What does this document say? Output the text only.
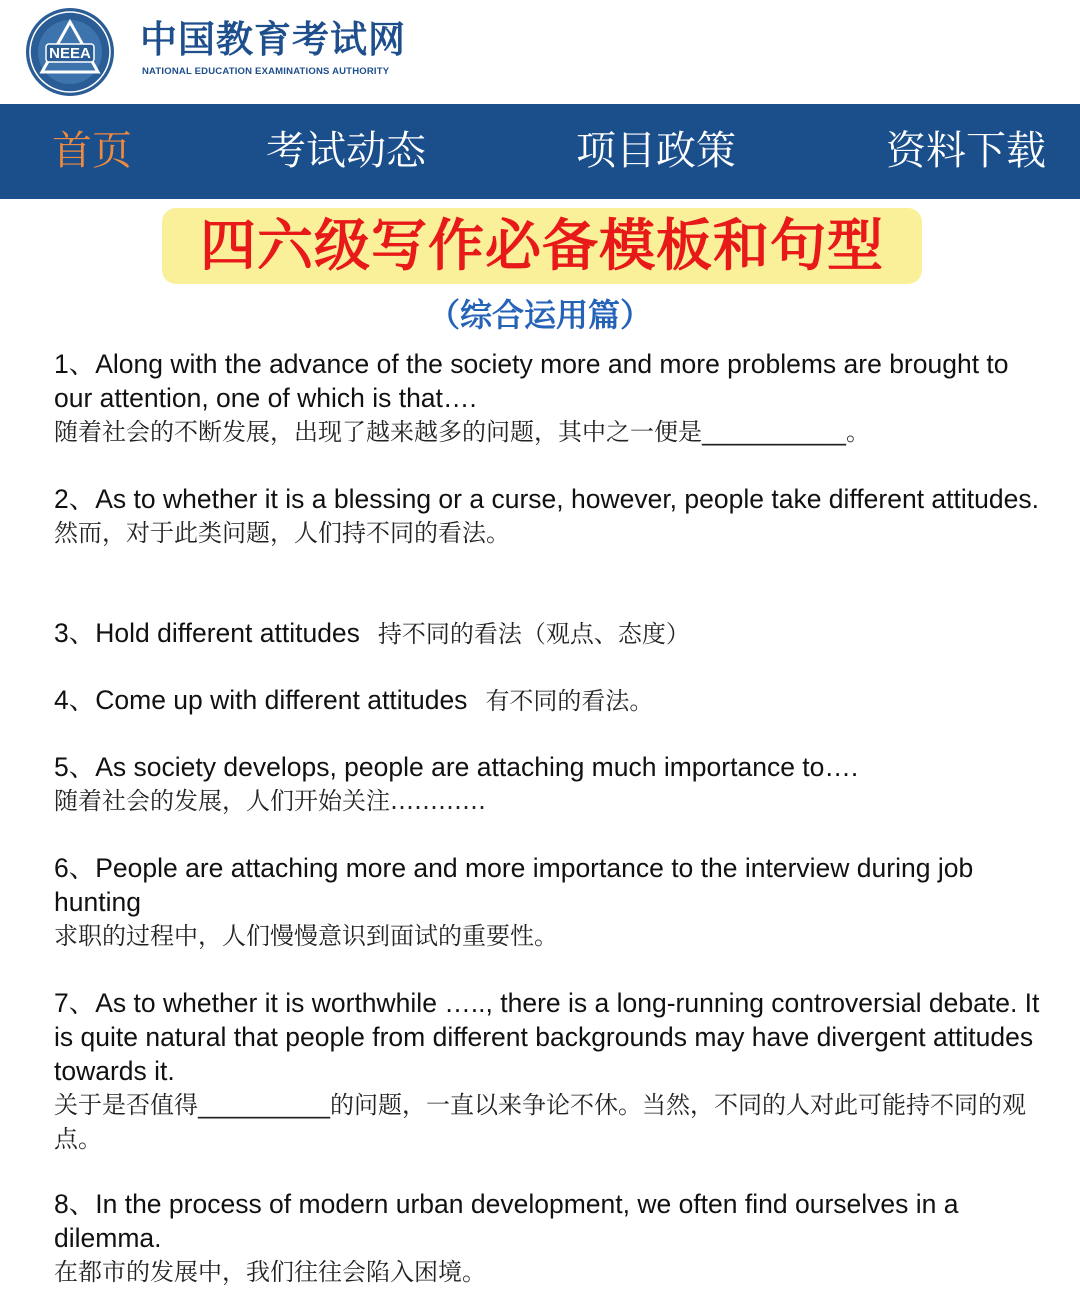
NEEA 中国教育考试网
NATIONAL EDUCATION EXAMINATIONS AUTHORITY
首页	考试动态	项目政策	资料下载
四六级写作必备模板和句型
（综合运用篇）
1、Along with the advance of the society more and more problems are brought to our attention, one of which is that….
随着社会的不断发展，出现了越来越多的问题，其中之一便是____________。
2、As to whether it is a blessing or a curse, however, people take different attitudes.
然而，对于此类问题，人们持不同的看法。
3、Hold different attitudes 持不同的看法（观点、态度）
4、Come up with different attitudes 有不同的看法。
5、As society develops, people are attaching much importance to….
随着社会的发展，人们开始关注…………
6、People are attaching more and more importance to the interview during job hunting
求职的过程中，人们慢慢意识到面试的重要性。
7、As to whether it is worthwhile ….., there is a long-running controversial debate. It is quite natural that people from different backgrounds may have divergent attitudes towards it.
关于是否值得___________的问题，一直以来争论不休。当然，不同的人对此可能持不同的观点。
8、In the process of modern urban development, we often find ourselves in a dilemma.
在都市的发展中，我们往往会陷入困境。
